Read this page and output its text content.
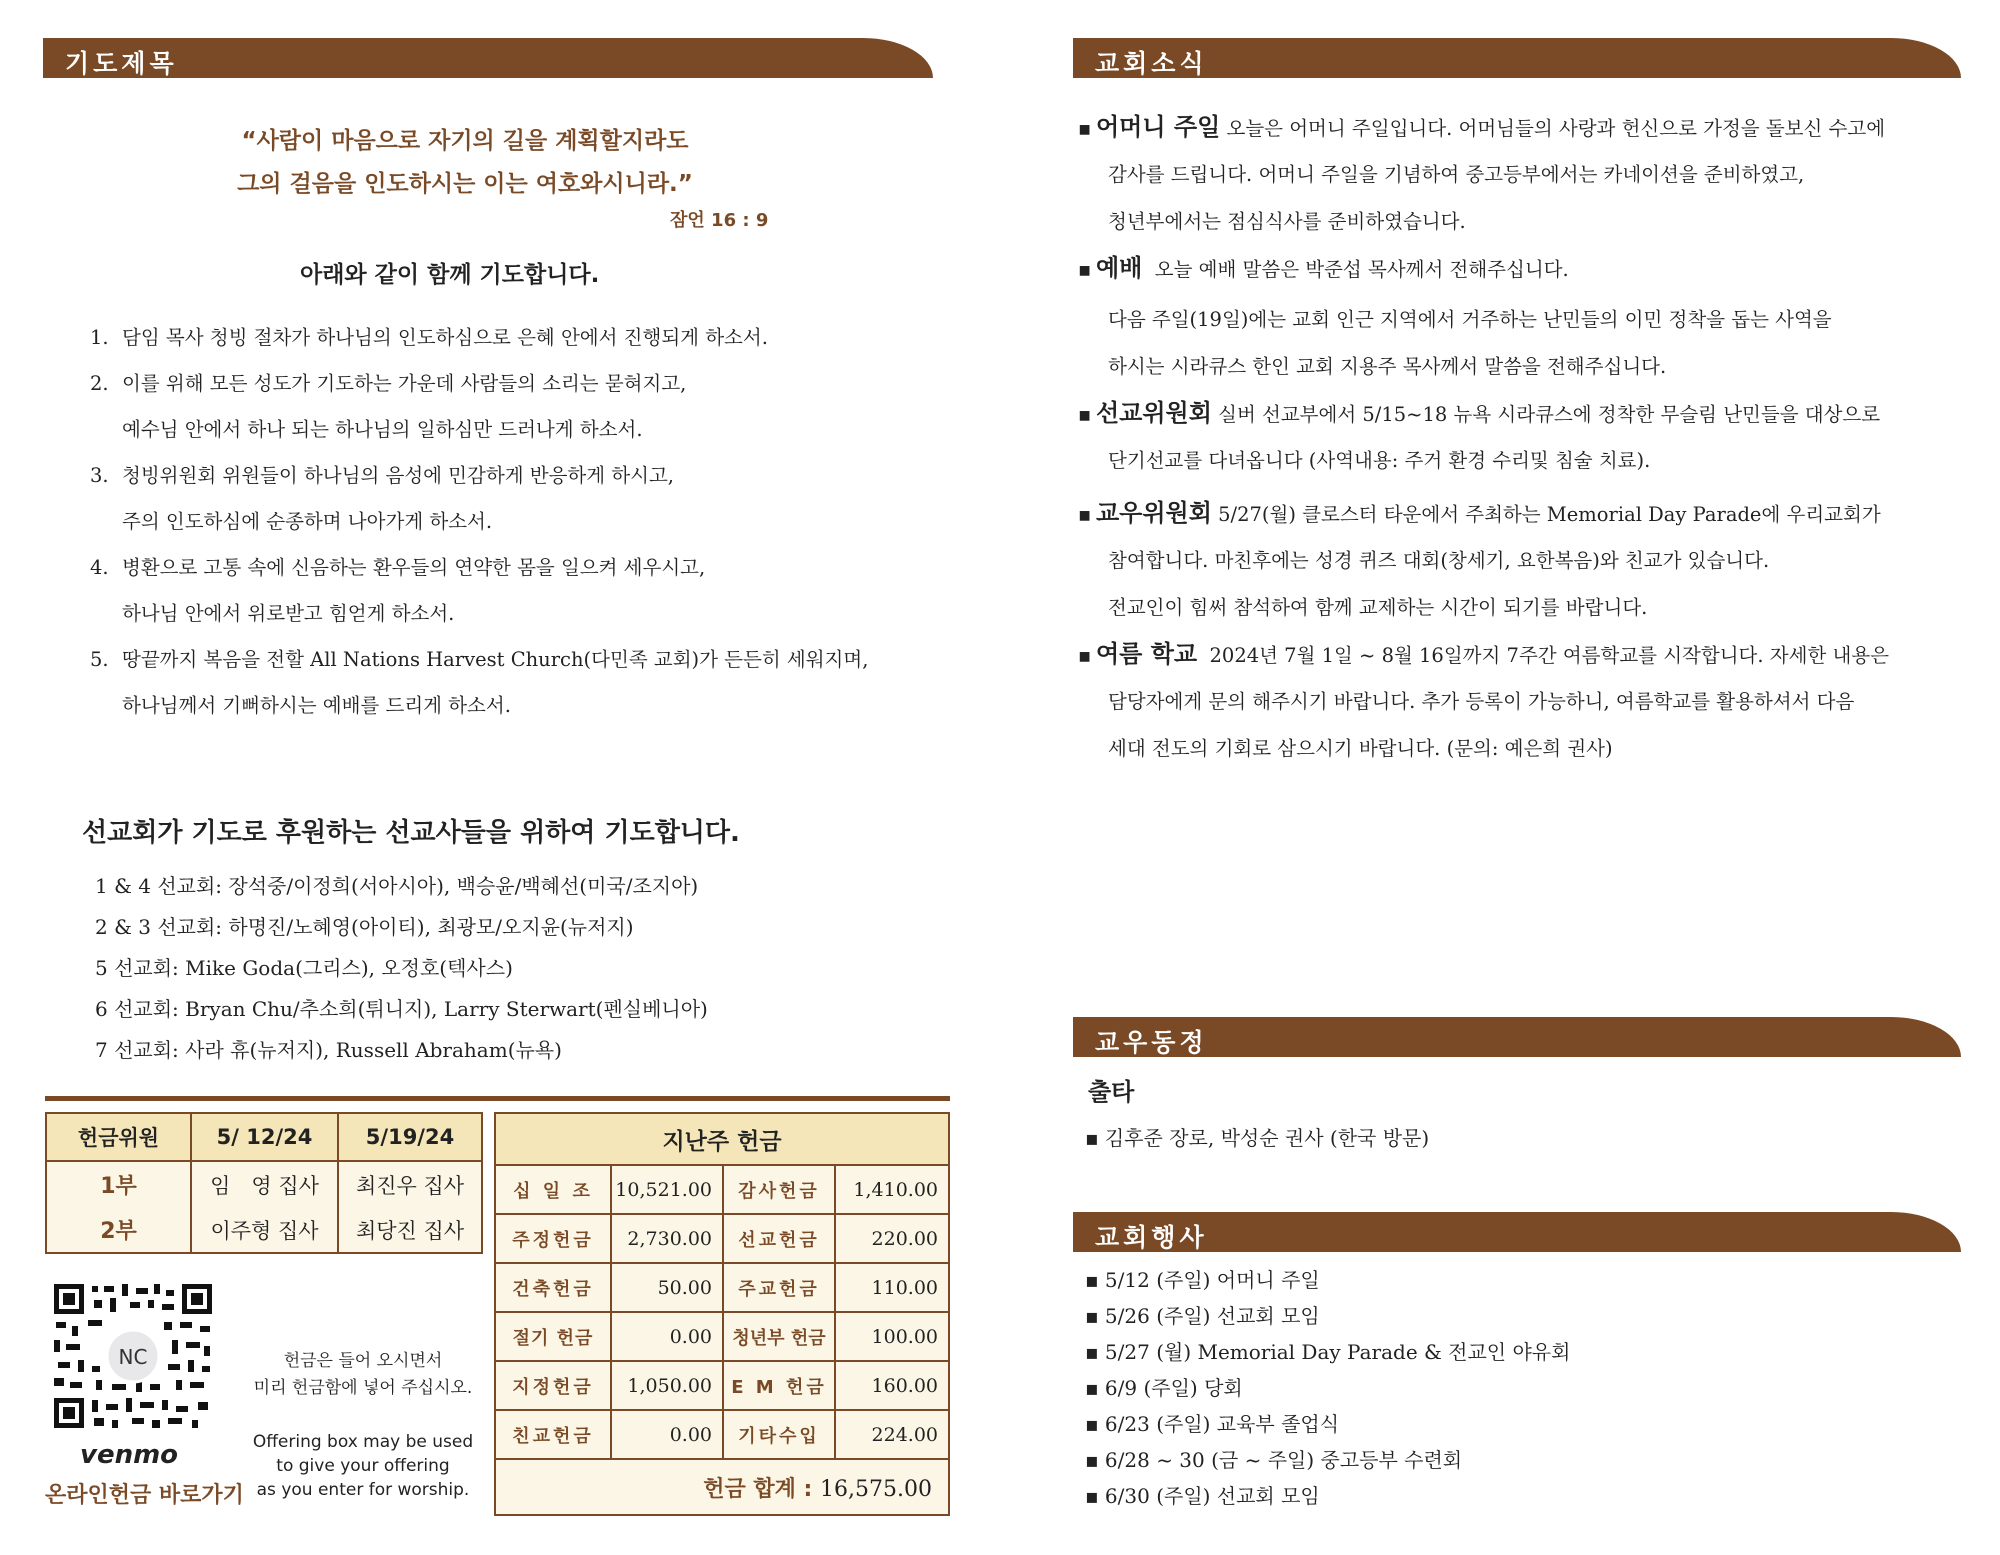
기도제목
“사람이 마음으로 자기의 길을 계획할지라도
그의 걸음을 인도하시는 이는 여호와시니라.”
잠언 16 : 9
아래와 같이 함께 기도합니다.
1. 담임 목사 청빙 절차가 하나님의 인도하심으로 은혜 안에서 진행되게 하소서.
2. 이를 위해 모든 성도가 기도하는 가운데 사람들의 소리는 묻혀지고,
예수님 안에서 하나 되는 하나님의 일하심만 드러나게 하소서.
3. 청빙위원회 위원들이 하나님의 음성에 민감하게 반응하게 하시고,
주의 인도하심에 순종하며 나아가게 하소서.
4. 병환으로 고통 속에 신음하는 환우들의 연약한 몸을 일으켜 세우시고,
하나님 안에서 위로받고 힘얻게 하소서.
5. 땅끝까지 복음을 전할 All Nations Harvest Church(다민족 교회)가 든든히 세워지며,
하나님께서 기뻐하시는 예배를 드리게 하소서.
선교회가 기도로 후원하는 선교사들을 위하여 기도합니다.
1 & 4 선교회: 장석중/이정희(서아시아), 백승윤/백혜선(미국/조지아)
2 & 3 선교회: 하명진/노혜영(아이티), 최광모/오지윤(뉴저지)
5 선교회: Mike Goda(그리스), 오정호(텍사스)
6 선교회: Bryan Chu/추소희(튀니지), Larry Sterwart(펜실베니아)
7 선교회: 사라 휴(뉴저지), Russell Abraham(뉴욕)
헌금위원	5/ 12/24	5/19/24
1부	임　영 집사	최진우 집사
2부	이주형 집사	최당진 집사
지난주 헌금			
십 일 조	10,521.00	감사헌금	1,410.00
주정헌금	2,730.00	선교헌금	220.00
건축헌금	50.00	주교헌금	110.00
절기 헌금	0.00	청년부 헌금	100.00
지정헌금	1,050.00	E M 헌금	160.00
친교헌금	0.00	기타수입	224.00
헌금 합계 : 16,575.00			
NC
venmo
온라인헌금 바로가기
헌금은 들어 오시면서
미리 헌금함에 넣어 주십시오.
Offering box may be used
to give your offering
as you enter for worship.
교회소식
▪ 어머니 주일 오늘은 어머니 주일입니다. 어머님들의 사랑과 헌신으로 가정을 돌보신 수고에
감사를 드립니다. 어머니 주일을 기념하여 중고등부에서는 카네이션을 준비하였고,
청년부에서는 점심식사를 준비하였습니다.
▪ 예배 오늘 예배 말씀은 박준섭 목사께서 전해주십니다.
다음 주일(19일)에는 교회 인근 지역에서 거주하는 난민들의 이민 정착을 돕는 사역을
하시는 시라큐스 한인 교회 지용주 목사께서 말씀을 전해주십니다.
▪ 선교위원회 실버 선교부에서 5/15~18 뉴욕 시라큐스에 정착한 무슬림 난민들을 대상으로
단기선교를 다녀옵니다 (사역내용: 주거 환경 수리및 침술 치료).
▪ 교우위원회 5/27(월) 클로스터 타운에서 주최하는 Memorial Day Parade에 우리교회가
참여합니다. 마친후에는 성경 퀴즈 대회(창세기, 요한복음)와 친교가 있습니다.
전교인이 힘써 참석하여 함께 교제하는 시간이 되기를 바랍니다.
▪ 여름 학교 2024년 7월 1일 ~ 8월 16일까지 7주간 여름학교를 시작합니다. 자세한 내용은
담당자에게 문의 해주시기 바랍니다. 추가 등록이 가능하니, 여름학교를 활용하셔서 다음
세대 전도의 기회로 삼으시기 바랍니다. (문의: 예은희 권사)
교우동정
출타
▪ 김후준 장로, 박성순 권사 (한국 방문)
교회행사
▪ 5/12 (주일) 어머니 주일
▪ 5/26 (주일) 선교회 모임
▪ 5/27 (월) Memorial Day Parade & 전교인 야유회
▪ 6/9 (주일) 당회
▪ 6/23 (주일) 교육부 졸업식
▪ 6/28 ~ 30 (금 ~ 주일) 중고등부 수련회
▪ 6/30 (주일) 선교회 모임
